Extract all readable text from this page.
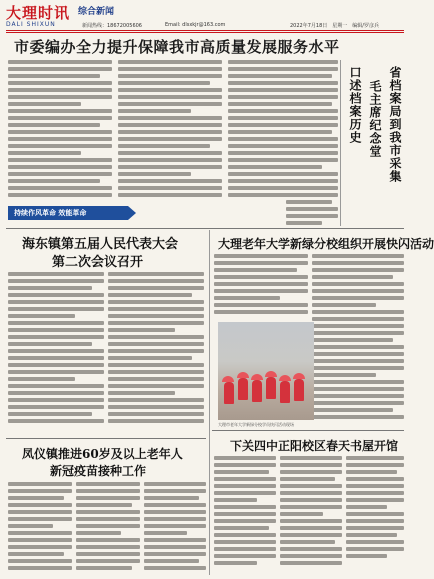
大理时讯
DALI SHIXUN
综合新闻
新闻热线：18672005606	Email: dlsxkjr@163.com	2022年7月18日　星期一　编辑/罗彦兵
市委编办全力提升保障我市高质量发展服务水平
省档案局到我市采集
毛主席纪念堂
口述档案历史
持续作风革命 效能革命
海东镇第五届人民代表大会
第二次会议召开
大理老年大学新绿分校组织开展快闪活动
大理市老年大学新绿分校学员快闪活动现场
凤仪镇推进60岁及以上老年人
新冠疫苗接种工作
下关四中正阳校区春天书屋开馆
